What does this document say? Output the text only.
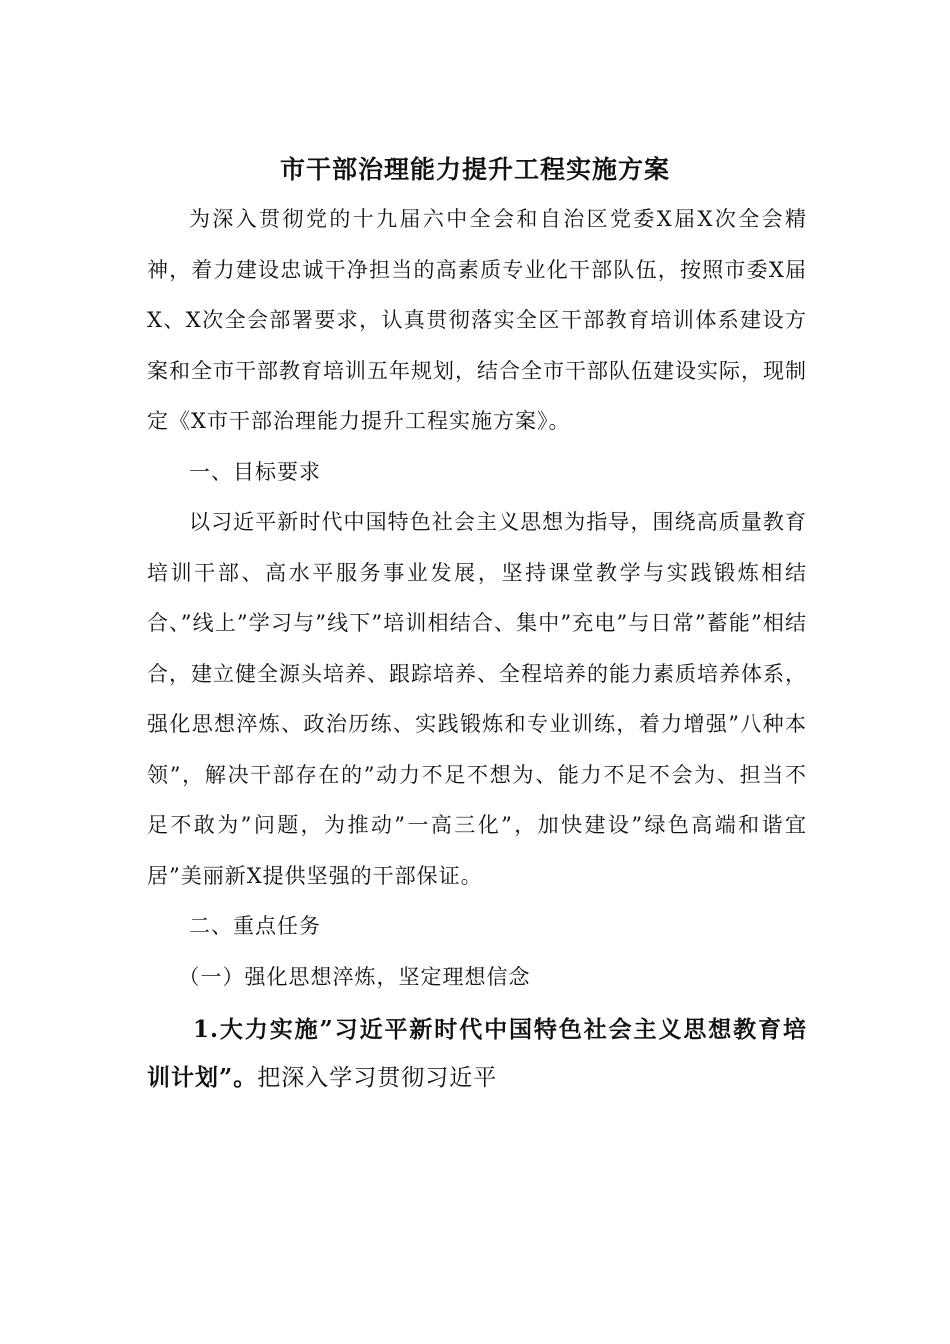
市干部治理能力提升工程实施方案

为深入贯彻党的十九届六中全会和自治区党委X届X次全会精神，着力建设忠诚干净担当的高素质专业化干部队伍，按照市委X届X、X次全会部署要求，认真贯彻落实全区干部教育培训体系建设方案和全市干部教育培训五年规划，结合全市干部队伍建设实际，现制定《X市干部治理能力提升工程实施方案》。

一、目标要求

以习近平新时代中国特色社会主义思想为指导，围绕高质量教育培训干部、高水平服务事业发展，坚持课堂教学与实践锻炼相结合、”线上”学习与”线下”培训相结合、集中”充电”与日常”蓄能”相结合，建立健全源头培养、跟踪培养、全程培养的能力素质培养体系，强化思想淬炼、政治历练、实践锻炼和专业训练，着力增强”八种本领”，解决干部存在的”动力不足不想为、能力不足不会为、担当不足不敢为”问题，为推动”一高三化”，加快建设”绿色高端和谐宜居”美丽新X提供坚强的干部保证。

二、重点任务

（一）强化思想淬炼，坚定理想信念

1.大力实施”习近平新时代中国特色社会主义思想教育培训计划”。把深入学习贯彻习近平
